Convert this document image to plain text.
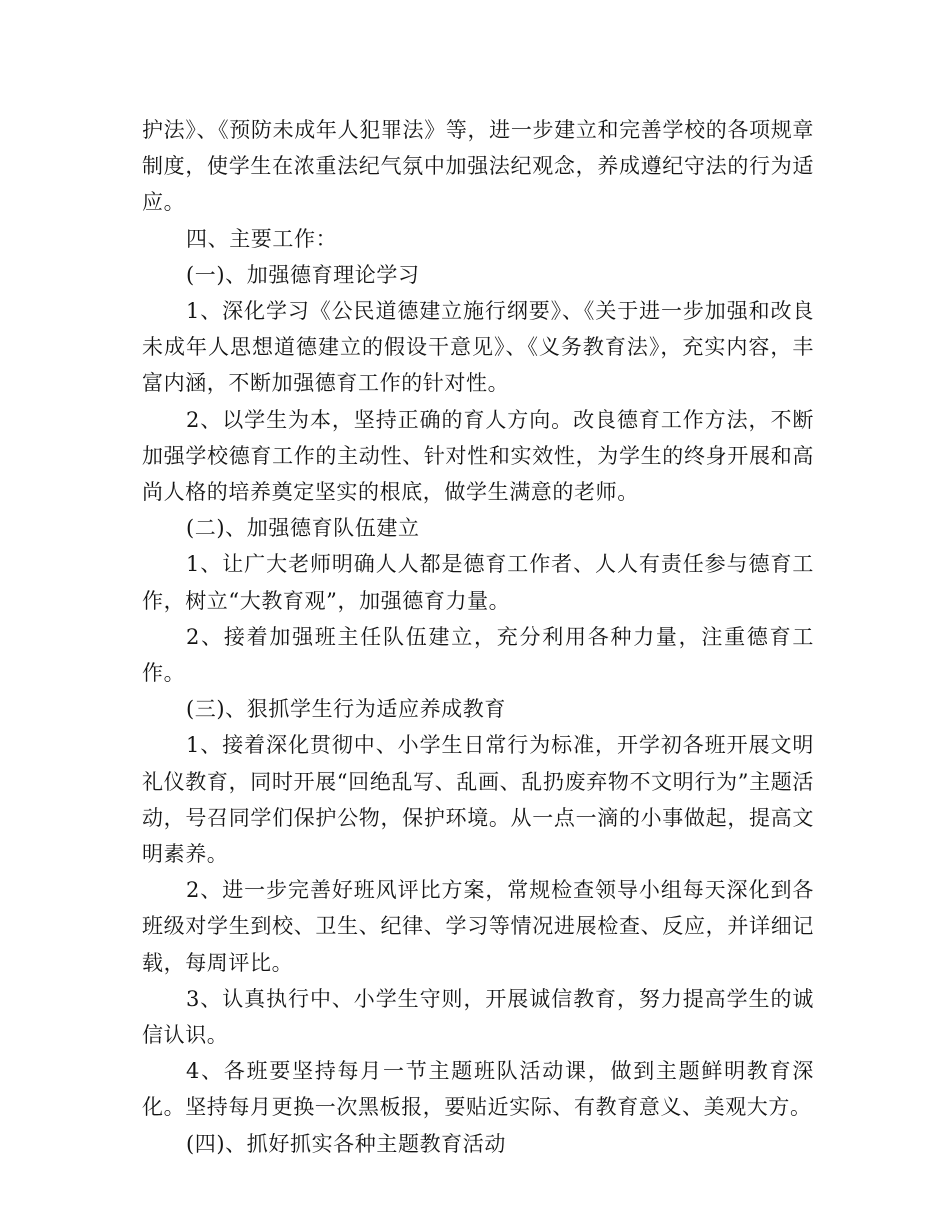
护法》、《预防未成年人犯罪法》等，进一步建立和完善学校的各项规章制度，使学生在浓重法纪气氛中加强法纪观念，养成遵纪守法的行为适应。

四、主要工作：

(一)、加强德育理论学习

1、深化学习《公民道德建立施行纲要》、《关于进一步加强和改良未成年人思想道德建立的假设干意见》、《义务教育法》，充实内容，丰富内涵，不断加强德育工作的针对性。

2、以学生为本，坚持正确的育人方向。改良德育工作方法，不断加强学校德育工作的主动性、针对性和实效性，为学生的终身开展和高尚人格的培养奠定坚实的根底，做学生满意的老师。

(二)、加强德育队伍建立

1、让广大老师明确人人都是德育工作者、人人有责任参与德育工作，树立“大教育观”，加强德育力量。

2、接着加强班主任队伍建立，充分利用各种力量，注重德育工作。

(三)、狠抓学生行为适应养成教育

1、接着深化贯彻中、小学生日常行为标准，开学初各班开展文明礼仪教育，同时开展“回绝乱写、乱画、乱扔废弃物不文明行为”主题活动，号召同学们保护公物，保护环境。从一点一滴的小事做起，提高文明素养。

2、进一步完善好班风评比方案，常规检查领导小组每天深化到各班级对学生到校、卫生、纪律、学习等情况进展检查、反应，并详细记载，每周评比。

3、认真执行中、小学生守则，开展诚信教育，努力提高学生的诚信认识。

4、各班要坚持每月一节主题班队活动课，做到主题鲜明教育深化。坚持每月更换一次黑板报，要贴近实际、有教育意义、美观大方。

(四)、抓好抓实各种主题教育活动
